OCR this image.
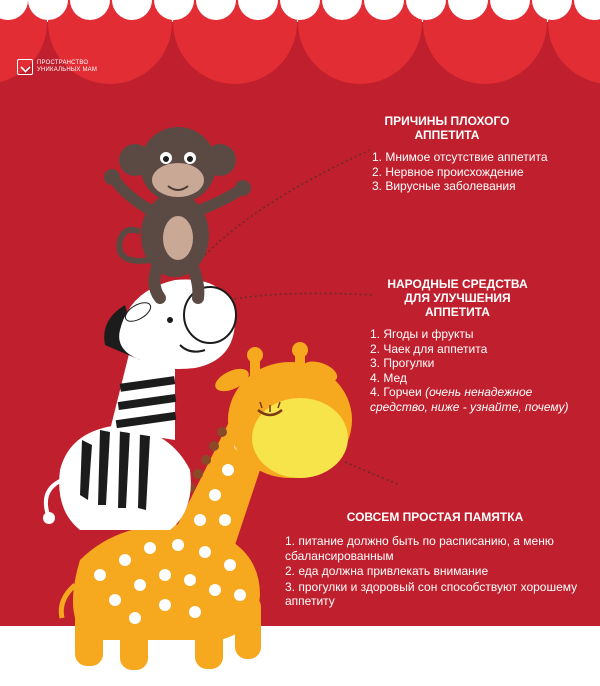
ПРОСТРАНСТВО
УНИКАЛЬНЫХ МАМ
ПРИЧИНЫ ПЛОХОГО
АППЕТИТА
1. Мнимое отсутствие аппетита
2. Нервное происхождение
3. Вирусные заболевания
НАРОДНЫЕ СРЕДСТВА
ДЛЯ УЛУЧШЕНИЯ
АППЕТИТА
1. Ягоды и фрукты
2. Чаек для аппетита
3. Прогулки
4. Мед
4. Горчеи (очень ненадежное
средство, ниже - узнайте, почему)
СОВСЕМ ПРОСТАЯ ПАМЯТКА
1. питание должно быть по расписанию, а меню сбалансированным
2. еда должна привлекать внимание
3. прогулки и здоровый сон способствуют хорошему аппетиту
